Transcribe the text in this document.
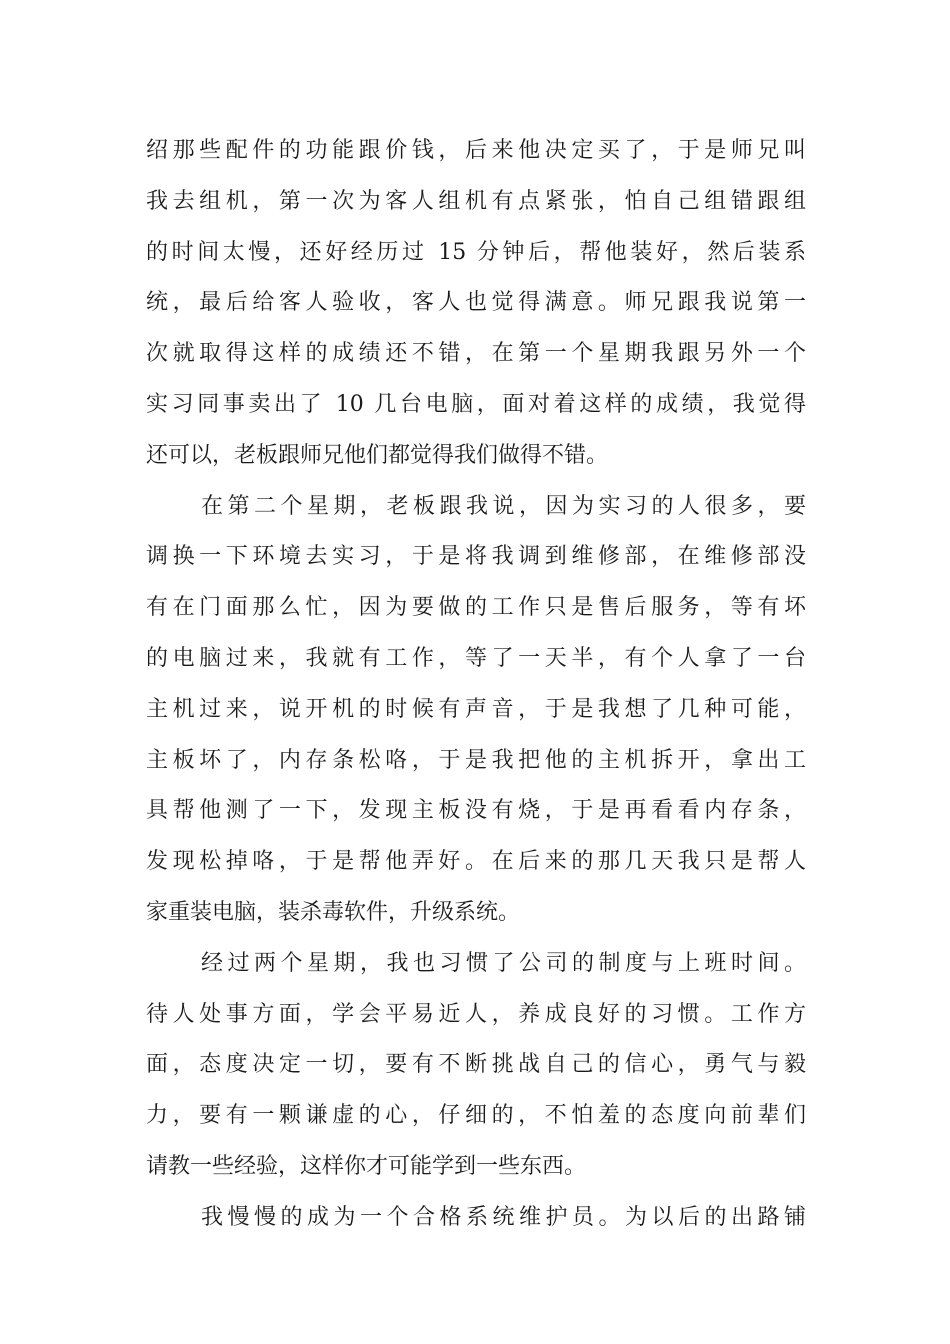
绍那些配件的功能跟价钱，后来他决定买了，于是师兄叫
我去组机，第一次为客人组机有点紧张，怕自己组错跟组
的时间太慢，还好经历过 15 分钟后，帮他装好，然后装系
统，最后给客人验收，客人也觉得满意。师兄跟我说第一
次就取得这样的成绩还不错，在第一个星期我跟另外一个
实习同事卖出了 10 几台电脑，面对着这样的成绩，我觉得
还可以，老板跟师兄他们都觉得我们做得不错。
在第二个星期，老板跟我说，因为实习的人很多，要
调换一下环境去实习，于是将我调到维修部，在维修部没
有在门面那么忙，因为要做的工作只是售后服务，等有坏
的电脑过来，我就有工作，等了一天半，有个人拿了一台
主机过来，说开机的时候有声音，于是我想了几种可能，
主板坏了，内存条松咯，于是我把他的主机拆开，拿出工
具帮他测了一下，发现主板没有烧，于是再看看内存条，
发现松掉咯，于是帮他弄好。在后来的那几天我只是帮人
家重装电脑，装杀毒软件，升级系统。
经过两个星期，我也习惯了公司的制度与上班时间。
待人处事方面，学会平易近人，养成良好的习惯。工作方
面，态度决定一切，要有不断挑战自己的信心，勇气与毅
力，要有一颗谦虚的心，仔细的，不怕羞的态度向前辈们
请教一些经验，这样你才可能学到一些东西。
我慢慢的成为一个合格系统维护员。为以后的出路铺
